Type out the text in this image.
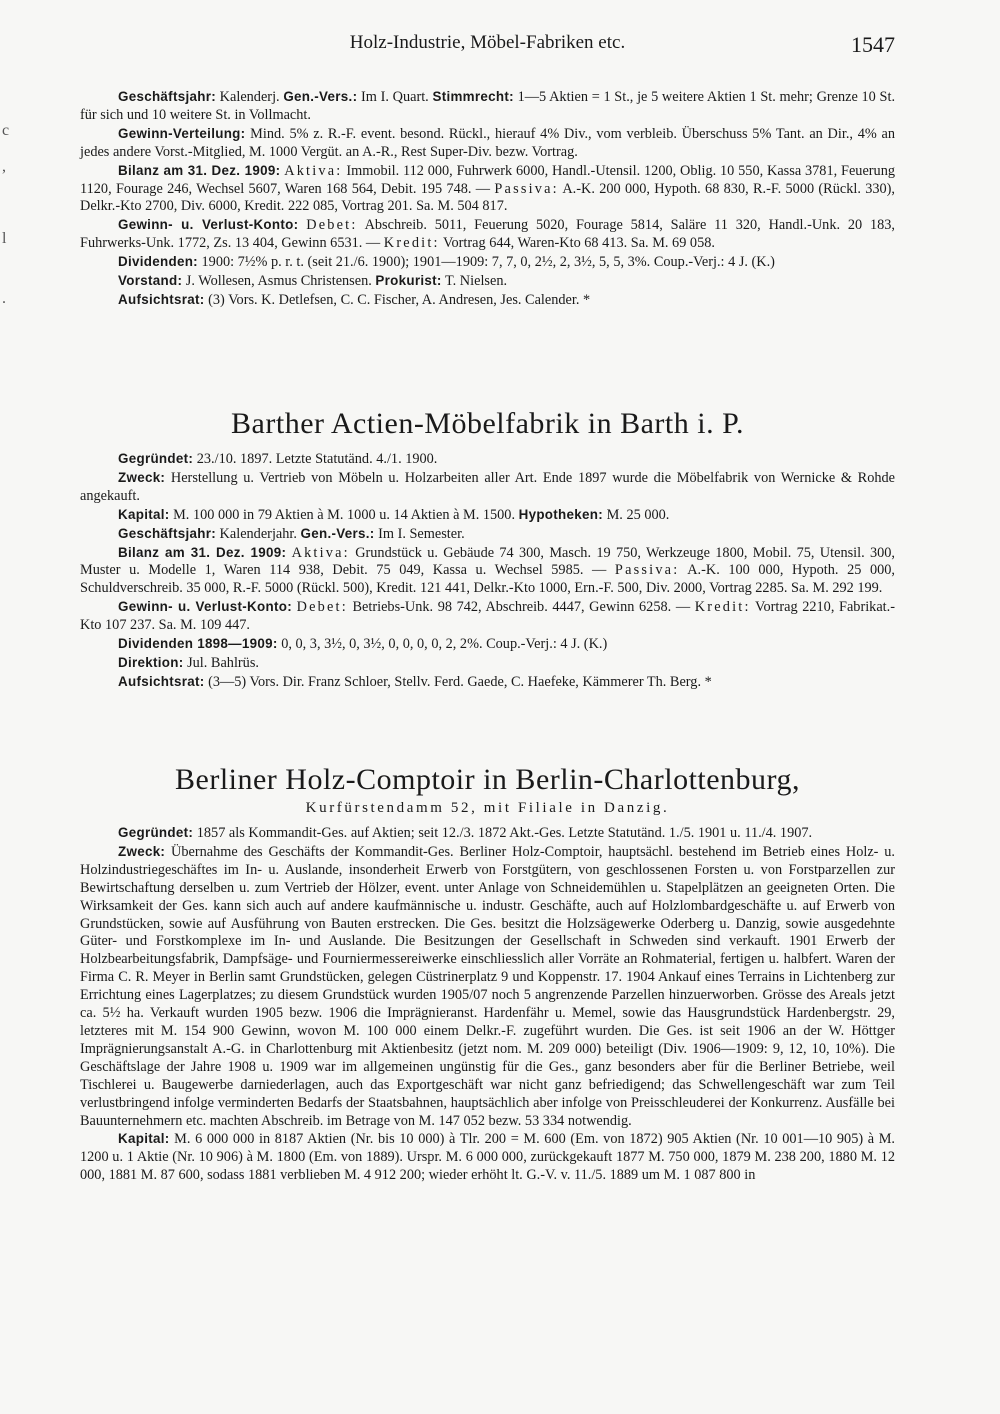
Holz-Industrie, Möbel-Fabriken etc.	1547
c
,
l
.

Geschäftsjahr: Kalenderj. Gen.-Vers.: Im I. Quart. Stimmrecht: 1—5 Aktien = 1 St., je 5 weitere Aktien 1 St. mehr; Grenze 10 St. für sich und 10 weitere St. in Vollmacht.

Gewinn-Verteilung: Mind. 5% z. R.-F. event. besond. Rückl., hierauf 4% Div., vom verbleib. Überschuss 5% Tant. an Dir., 4% an jedes andere Vorst.-Mitglied, M. 1000 Vergüt. an A.-R., Rest Super-Div. bezw. Vortrag.

Bilanz am 31. Dez. 1909: Aktiva: Immobil. 112 000, Fuhrwerk 6000, Handl.-Utensil. 1200, Oblig. 10 550, Kassa 3781, Feuerung 1120, Fourage 246, Wechsel 5607, Waren 168 564, Debit. 195 748. — Passiva: A.-K. 200 000, Hypoth. 68 830, R.-F. 5000 (Rückl. 330), Delkr.-Kto 2700, Div. 6000, Kredit. 222 085, Vortrag 201. Sa. M. 504 817.

Gewinn- u. Verlust-Konto: Debet: Abschreib. 5011, Feuerung 5020, Fourage 5814, Saläre 11 320, Handl.-Unk. 20 183, Fuhrwerks-Unk. 1772, Zs. 13 404, Gewinn 6531. — Kredit: Vortrag 644, Waren-Kto 68 413. Sa. M. 69 058.

Dividenden: 1900: 7½% p. r. t. (seit 21./6. 1900); 1901—1909: 7, 7, 0, 2½, 2, 3½, 5, 5, 3%. Coup.-Verj.: 4 J. (K.)

Vorstand: J. Wollesen, Asmus Christensen. Prokurist: T. Nielsen.

Aufsichtsrat: (3) Vors. K. Detlefsen, C. C. Fischer, A. Andresen, Jes. Calender. *

Barther Actien-Möbelfabrik in Barth i. P.

Gegründet: 23./10. 1897. Letzte Statutänd. 4./1. 1900.

Zweck: Herstellung u. Vertrieb von Möbeln u. Holzarbeiten aller Art. Ende 1897 wurde die Möbelfabrik von Wernicke & Rohde angekauft.

Kapital: M. 100 000 in 79 Aktien à M. 1000 u. 14 Aktien à M. 1500. Hypotheken: M. 25 000.

Geschäftsjahr: Kalenderjahr. Gen.-Vers.: Im I. Semester.

Bilanz am 31. Dez. 1909: Aktiva: Grundstück u. Gebäude 74 300, Masch. 19 750, Werkzeuge 1800, Mobil. 75, Utensil. 300, Muster u. Modelle 1, Waren 114 938, Debit. 75 049, Kassa u. Wechsel 5985. — Passiva: A.-K. 100 000, Hypoth. 25 000, Schuldverschreib. 35 000, R.-F. 5000 (Rückl. 500), Kredit. 121 441, Delkr.-Kto 1000, Ern.-F. 500, Div. 2000, Vortrag 2285. Sa. M. 292 199.

Gewinn- u. Verlust-Konto: Debet: Betriebs-Unk. 98 742, Abschreib. 4447, Gewinn 6258. — Kredit: Vortrag 2210, Fabrikat.-Kto 107 237. Sa. M. 109 447.

Dividenden 1898—1909: 0, 0, 3, 3½, 0, 3½, 0, 0, 0, 0, 2, 2%. Coup.-Verj.: 4 J. (K.)

Direktion: Jul. Bahlrüs.

Aufsichtsrat: (3—5) Vors. Dir. Franz Schloer, Stellv. Ferd. Gaede, C. Haefeke, Kämmerer Th. Berg. *

Berliner Holz-Comptoir in Berlin-Charlottenburg,
Kurfürstendamm 52, mit Filiale in Danzig.

Gegründet: 1857 als Kommandit-Ges. auf Aktien; seit 12./3. 1872 Akt.-Ges. Letzte Statutänd. 1./5. 1901 u. 11./4. 1907.

Zweck: Übernahme des Geschäfts der Kommandit-Ges. Berliner Holz-Comptoir, hauptsächl. bestehend im Betrieb eines Holz- u. Holzindustriegeschäftes im In- u. Auslande, insonderheit Erwerb von Forstgütern, von geschlossenen Forsten u. von Forstparzellen zur Bewirtschaftung derselben u. zum Vertrieb der Hölzer, event. unter Anlage von Schneidemühlen u. Stapelplätzen an geeigneten Orten. Die Wirksamkeit der Ges. kann sich auch auf andere kaufmännische u. industr. Geschäfte, auch auf Holzlombardgeschäfte u. auf Erwerb von Grundstücken, sowie auf Ausführung von Bauten erstrecken. Die Ges. besitzt die Holzsägewerke Oderberg u. Danzig, sowie ausgedehnte Güter- und Forstkomplexe im In- und Auslande. Die Besitzungen der Gesellschaft in Schweden sind verkauft. 1901 Erwerb der Holzbearbeitungsfabrik, Dampfsäge- und Fourniermessereiwerke einschliesslich aller Vorräte an Rohmaterial, fertigen u. halbfert. Waren der Firma C. R. Meyer in Berlin samt Grundstücken, gelegen Cüstrinerplatz 9 und Koppenstr. 17. 1904 Ankauf eines Terrains in Lichtenberg zur Errichtung eines Lagerplatzes; zu diesem Grundstück wurden 1905/07 noch 5 angrenzende Parzellen hinzuerworben. Grösse des Areals jetzt ca. 5½ ha. Verkauft wurden 1905 bezw. 1906 die Imprägnieranst. Hardenfähr u. Memel, sowie das Hausgrundstück Hardenbergstr. 29, letzteres mit M. 154 900 Gewinn, wovon M. 100 000 einem Delkr.-F. zugeführt wurden. Die Ges. ist seit 1906 an der W. Höttger Imprägnierungsanstalt A.-G. in Charlottenburg mit Aktienbesitz (jetzt nom. M. 209 000) beteiligt (Div. 1906—1909: 9, 12, 10, 10%). Die Geschäftslage der Jahre 1908 u. 1909 war im allgemeinen ungünstig für die Ges., ganz besonders aber für die Berliner Betriebe, weil Tischlerei u. Baugewerbe darniederlagen, auch das Exportgeschäft war nicht ganz befriedigend; das Schwellengeschäft war zum Teil verlustbringend infolge verminderten Bedarfs der Staatsbahnen, hauptsächlich aber infolge von Preisschleuderei der Konkurrenz. Ausfälle bei Bauunternehmern etc. machten Abschreib. im Betrage von M. 147 052 bezw. 53 334 notwendig.

Kapital: M. 6 000 000 in 8187 Aktien (Nr. bis 10 000) à Tlr. 200 = M. 600 (Em. von 1872) 905 Aktien (Nr. 10 001—10 905) à M. 1200 u. 1 Aktie (Nr. 10 906) à M. 1800 (Em. von 1889). Urspr. M. 6 000 000, zurückgekauft 1877 M. 750 000, 1879 M. 238 200, 1880 M. 12 000, 1881 M. 87 600, sodass 1881 verblieben M. 4 912 200; wieder erhöht lt. G.-V. v. 11./5. 1889 um M. 1 087 800 in
